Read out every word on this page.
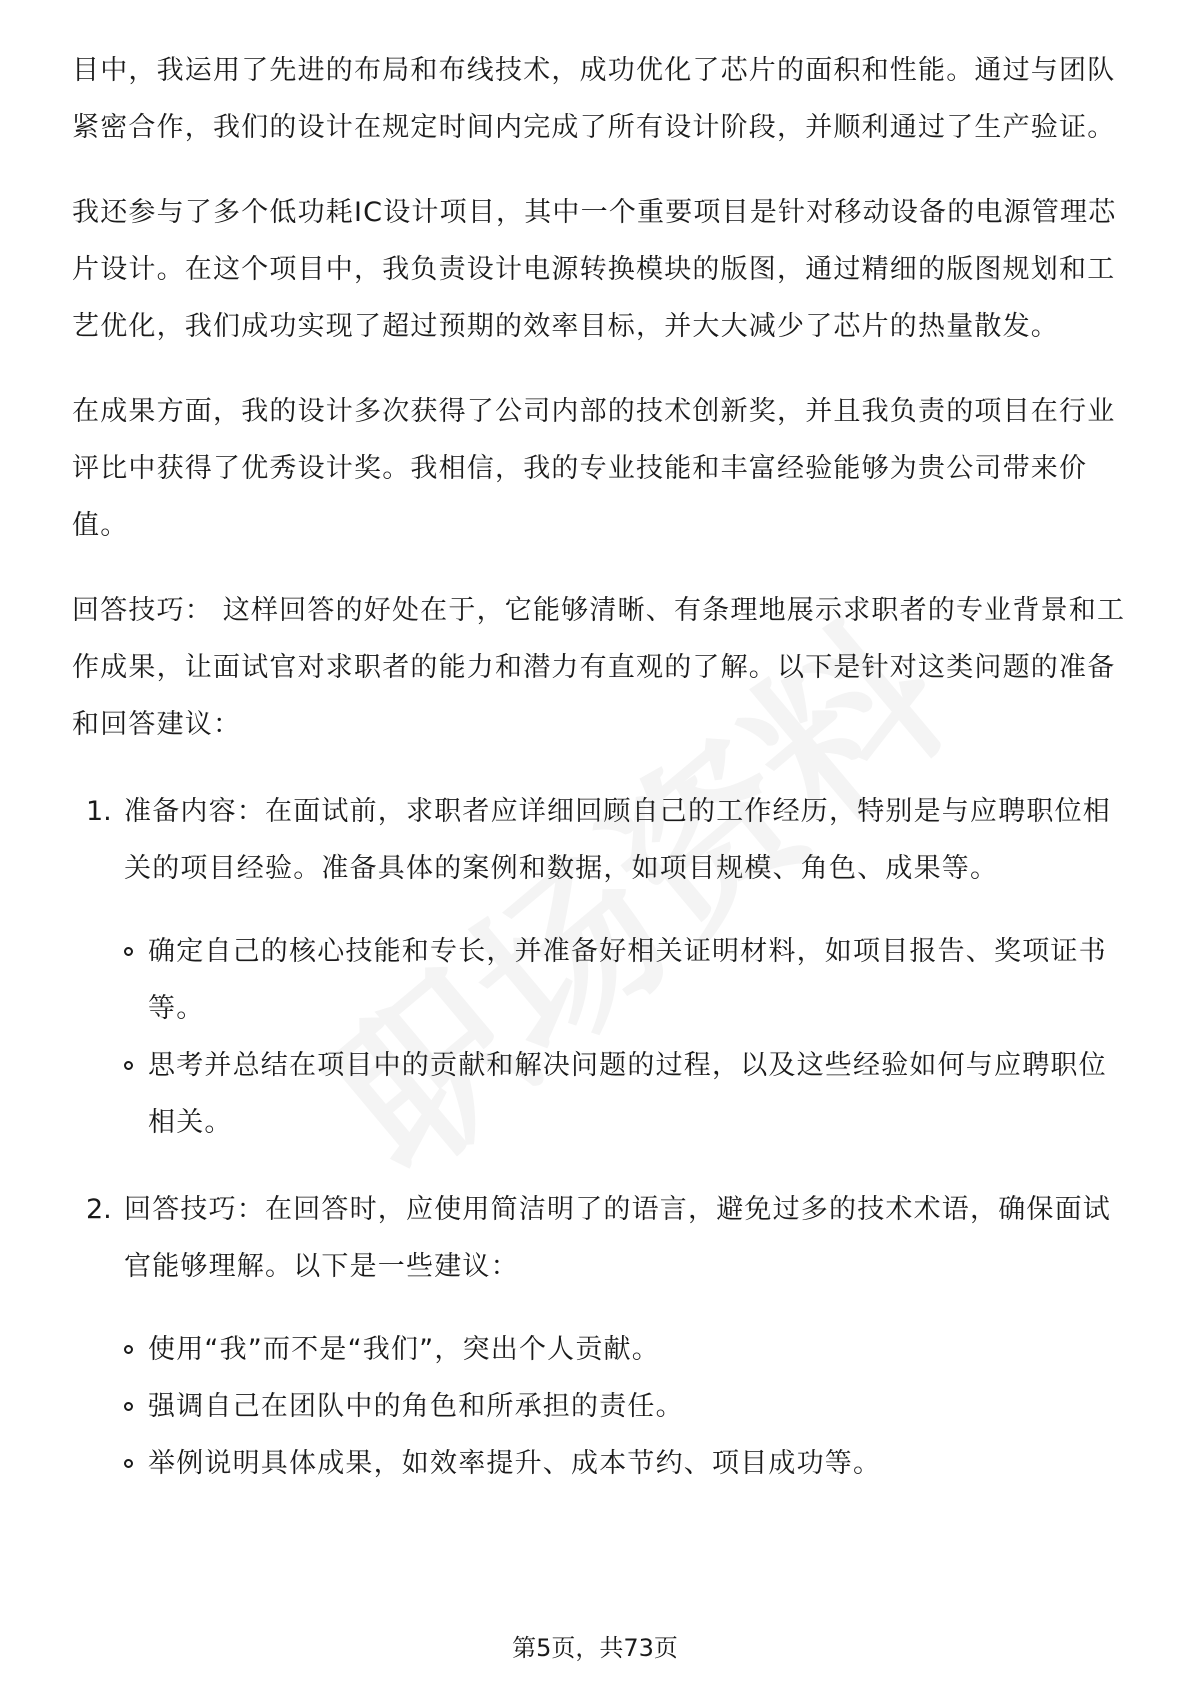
目中，我运用了先进的布局和布线技术，成功优化了芯片的面积和性能。通过与团队紧密合作，我们的设计在规定时间内完成了所有设计阶段，并顺利通过了生产验证。

我还参与了多个低功耗IC设计项目，其中一个重要项目是针对移动设备的电源管理芯片设计。在这个项目中，我负责设计电源转换模块的版图，通过精细的版图规划和工艺优化，我们成功实现了超过预期的效率目标，并大大减少了芯片的热量散发。

在成果方面，我的设计多次获得了公司内部的技术创新奖，并且我负责的项目在行业评比中获得了优秀设计奖。我相信，我的专业技能和丰富经验能够为贵公司带来价值。

回答技巧： 这样回答的好处在于，它能够清晰、有条理地展示求职者的专业背景和工作成果，让面试官对求职者的能力和潜力有直观的了解。以下是针对这类问题的准备和回答建议：

1. 准备内容：在面试前，求职者应详细回顾自己的工作经历，特别是与应聘职位相关的项目经验。准备具体的案例和数据，如项目规模、角色、成果等。
确定自己的核心技能和专长，并准备好相关证明材料，如项目报告、奖项证书等。
思考并总结在项目中的贡献和解决问题的过程，以及这些经验如何与应聘职位相关。
2. 回答技巧：在回答时，应使用简洁明了的语言，避免过多的技术术语，确保面试官能够理解。以下是一些建议：
使用“我”而不是“我们”，突出个人贡献。
强调自己在团队中的角色和所承担的责任。
举例说明具体成果，如效率提升、成本节约、项目成功等。
第5页，共73页
